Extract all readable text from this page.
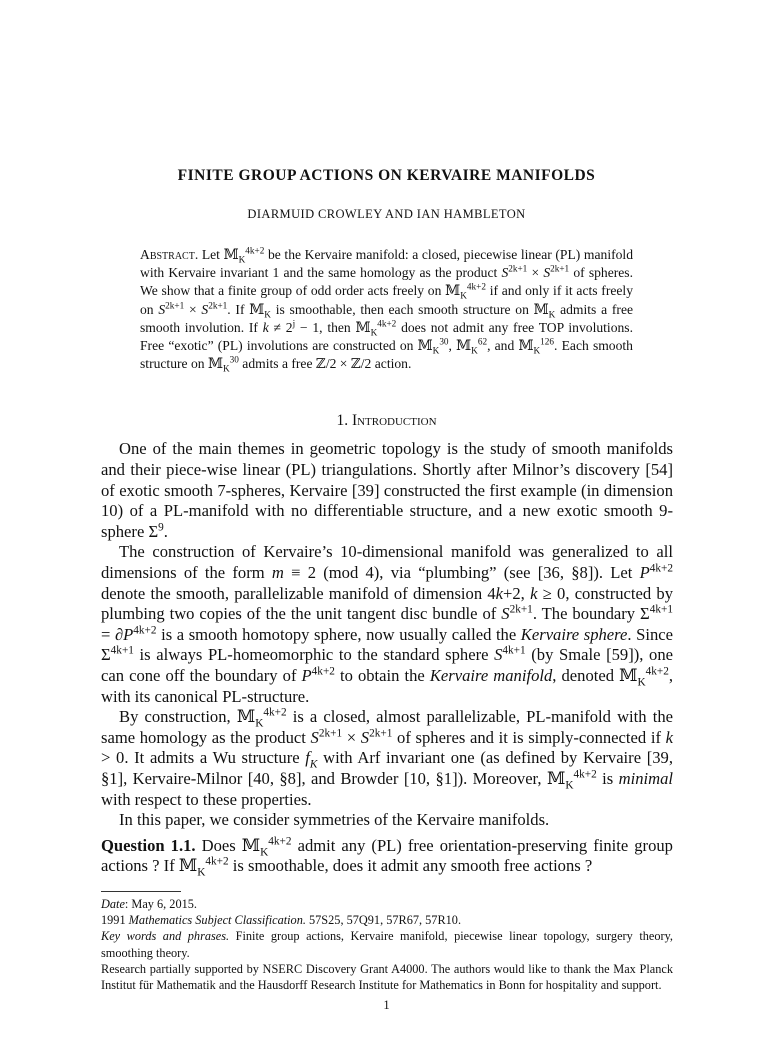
FINITE GROUP ACTIONS ON KERVAIRE MANIFOLDS
DIARMUID CROWLEY AND IAN HAMBLETON
Abstract. Let 𝕄$_K^{4k+2}$ be the Kervaire manifold: a closed, piecewise linear (PL) manifold with Kervaire invariant 1 and the same homology as the product $S^{2k+1} \times S^{2k+1}$ of spheres. We show that a finite group of odd order acts freely on 𝕄$_K^{4k+2}$ if and only if it acts freely on $S^{2k+1} \times S^{2k+1}$. If 𝕄$_K$ is smoothable, then each smooth structure on 𝕄$_K$ admits a free smooth involution. If $k \ne 2^j - 1$, then 𝕄$_K^{4k+2}$ does not admit any free TOP involutions. Free “exotic” (PL) involutions are constructed on 𝕄$_K^{30}$, 𝕄$_K^{62}$, and 𝕄$_K^{126}$. Each smooth structure on 𝕄$_K^{30}$ admits a free ℤ/2 × ℤ/2 action.
1. Introduction

One of the main themes in geometric topology is the study of smooth manifolds and their piece-wise linear (PL) triangulations. Shortly after Milnor’s discovery [54] of exotic smooth 7-spheres, Kervaire [39] constructed the first example (in dimension 10) of a PL-manifold with no differentiable structure, and a new exotic smooth 9-sphere $\Sigma^9$.

The construction of Kervaire’s 10-dimensional manifold was generalized to all dimensions of the form m ≡ 2 (mod 4), via “plumbing” (see [36, §8]). Let $P^{4k+2}$ denote the smooth, parallelizable manifold of dimension 4k+2, k ≥ 0, constructed by plumbing two copies of the the unit tangent disc bundle of $S^{2k+1}$. The boundary $\Sigma^{4k+1} = \partial P^{4k+2}$ is a smooth homotopy sphere, now usually called the Kervaire sphere. Since $\Sigma^{4k+1}$ is always PL-homeomorphic to the standard sphere $S^{4k+1}$ (by Smale [59]), one can cone off the boundary of $P^{4k+2}$ to obtain the Kervaire manifold, denoted 𝕄$_K^{4k+2}$, with its canonical PL-structure.

By construction, 𝕄$_K^{4k+2}$ is a closed, almost parallelizable, PL-manifold with the same homology as the product $S^{2k+1} \times S^{2k+1}$ of spheres and it is simply-connected if k > 0. It admits a Wu structure $f_K$ with Arf invariant one (as defined by Kervaire [39, §1], Kervaire-Milnor [40, §8], and Browder [10, §1]). Moreover, 𝕄$_K^{4k+2}$ is minimal with respect to these properties.

In this paper, we consider symmetries of the Kervaire manifolds.

Question 1.1. Does 𝕄$_K^{4k+2}$ admit any (PL) free orientation-preserving finite group actions ? If 𝕄$_K^{4k+2}$ is smoothable, does it admit any smooth free actions ?

Date: May 6, 2015.
1991 Mathematics Subject Classification. 57S25, 57Q91, 57R67, 57R10.
Key words and phrases. Finite group actions, Kervaire manifold, piecewise linear topology, surgery theory, smoothing theory.
Research partially supported by NSERC Discovery Grant A4000. The authors would like to thank the Max Planck Institut für Mathematik and the Hausdorff Research Institute for Mathematics in Bonn for hospitality and support.
1
